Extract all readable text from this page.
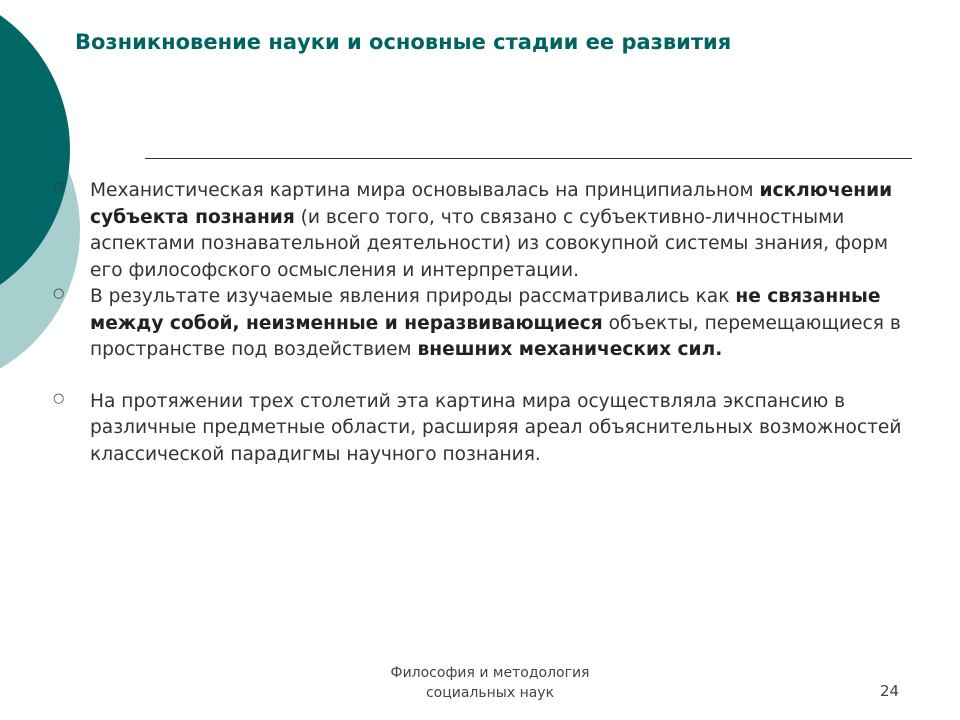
Возникновение науки и основные стадии ее развития
○ Механистическая картина мира основывалась на принципиальном исключении субъекта познания (и всего того, что связано с субъективно-личностными аспектами познавательной деятельности) из совокупной системы знания, форм его философского осмысления и интерпретации.
○ В результате изучаемые явления природы рассматривались как не связанные между собой, неизменные и неразвивающиеся объекты, перемещающиеся в пространстве под воздействием внешних механических сил.
○ На протяжении трех столетий эта картина мира осуществляла экспансию в различные предметные области, расширяя ареал объяснительных возможностей классической парадигмы научного познания.
Философия и методология
социальных наук	24
